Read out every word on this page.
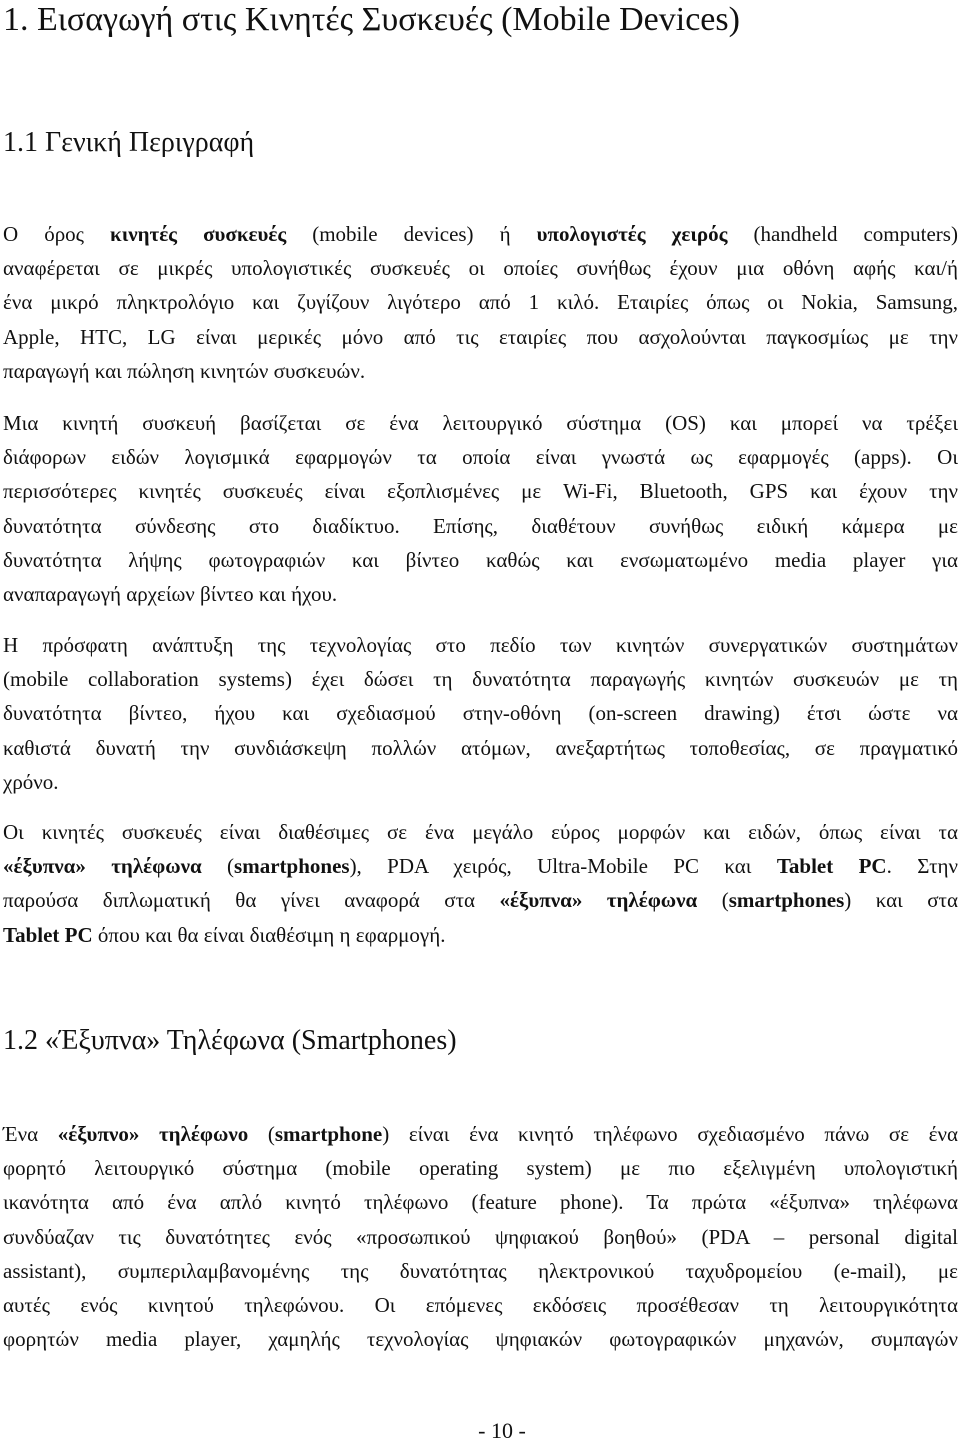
1. Εισαγωγή στις Κινητές Συσκευές (Mobile Devices)
1.1 Γενική Περιγραφή
Ο όρος κινητές συσκευές (mobile devices) ή υπολογιστές χειρός (handheld computers)
αναφέρεται σε μικρές υπολογιστικές συσκευές οι οποίες συνήθως έχουν μια οθόνη αφής και/ή
ένα μικρό πληκτρολόγιο και ζυγίζουν λιγότερο από 1 κιλό. Εταιρίες όπως οι Nokia, Samsung,
Apple, HTC, LG είναι μερικές μόνο από τις εταιρίες που ασχολούνται παγκοσμίως με την
παραγωγή και πώληση κινητών συσκευών.
Μια κινητή συσκευή βασίζεται σε ένα λειτουργικό σύστημα (OS) και μπορεί να τρέξει
διάφορων ειδών λογισμικά εφαρμογών τα οποία είναι γνωστά ως εφαρμογές (apps). Οι
περισσότερες κινητές συσκευές είναι εξοπλισμένες με Wi-Fi, Bluetooth, GPS και έχουν την
δυνατότητα σύνδεσης στο διαδίκτυο. Επίσης, διαθέτουν συνήθως ειδική κάμερα με
δυνατότητα λήψης φωτογραφιών και βίντεο καθώς και ενσωματωμένο media player για
αναπαραγωγή αρχείων βίντεο και ήχου.
Η πρόσφατη ανάπτυξη της τεχνολογίας στο πεδίο των κινητών συνεργατικών συστημάτων
(mobile collaboration systems) έχει δώσει τη δυνατότητα παραγωγής κινητών συσκευών με τη
δυνατότητα βίντεο, ήχου και σχεδιασμού στην-οθόνη (on-screen drawing) έτσι ώστε να
καθιστά δυνατή την συνδιάσκεψη πολλών ατόμων, ανεξαρτήτως τοποθεσίας, σε πραγματικό
χρόνο.
Οι κινητές συσκευές είναι διαθέσιμες σε ένα μεγάλο εύρος μορφών και ειδών, όπως είναι τα
«έξυπνα» τηλέφωνα (smartphones), PDA χειρός, Ultra-Mobile PC και Tablet PC. Στην
παρούσα διπλωματική θα γίνει αναφορά στα «έξυπνα» τηλέφωνα (smartphones) και στα
Tablet PC όπου και θα είναι διαθέσιμη η εφαρμογή.
1.2 «Έξυπνα» Τηλέφωνα (Smartphones)
Ένα «έξυπνο» τηλέφωνο (smartphone) είναι ένα κινητό τηλέφωνο σχεδιασμένο πάνω σε ένα
φορητό λειτουργικό σύστημα (mobile operating system) με πιο εξελιγμένη υπολογιστική
ικανότητα από ένα απλό κινητό τηλέφωνο (feature phone). Τα πρώτα «έξυπνα» τηλέφωνα
συνδύαζαν τις δυνατότητες ενός «προσωπικού ψηφιακού βοηθού» (PDA – personal digital
assistant), συμπεριλαμβανομένης της δυνατότητας ηλεκτρονικού ταχυδρομείου (e-mail), με
αυτές ενός κινητού τηλεφώνου. Οι επόμενες εκδόσεις προσέθεσαν τη λειτουργικότητα
φορητών media player, χαμηλής τεχνολογίας ψηφιακών φωτογραφικών μηχανών, συμπαγών
- 10 -
